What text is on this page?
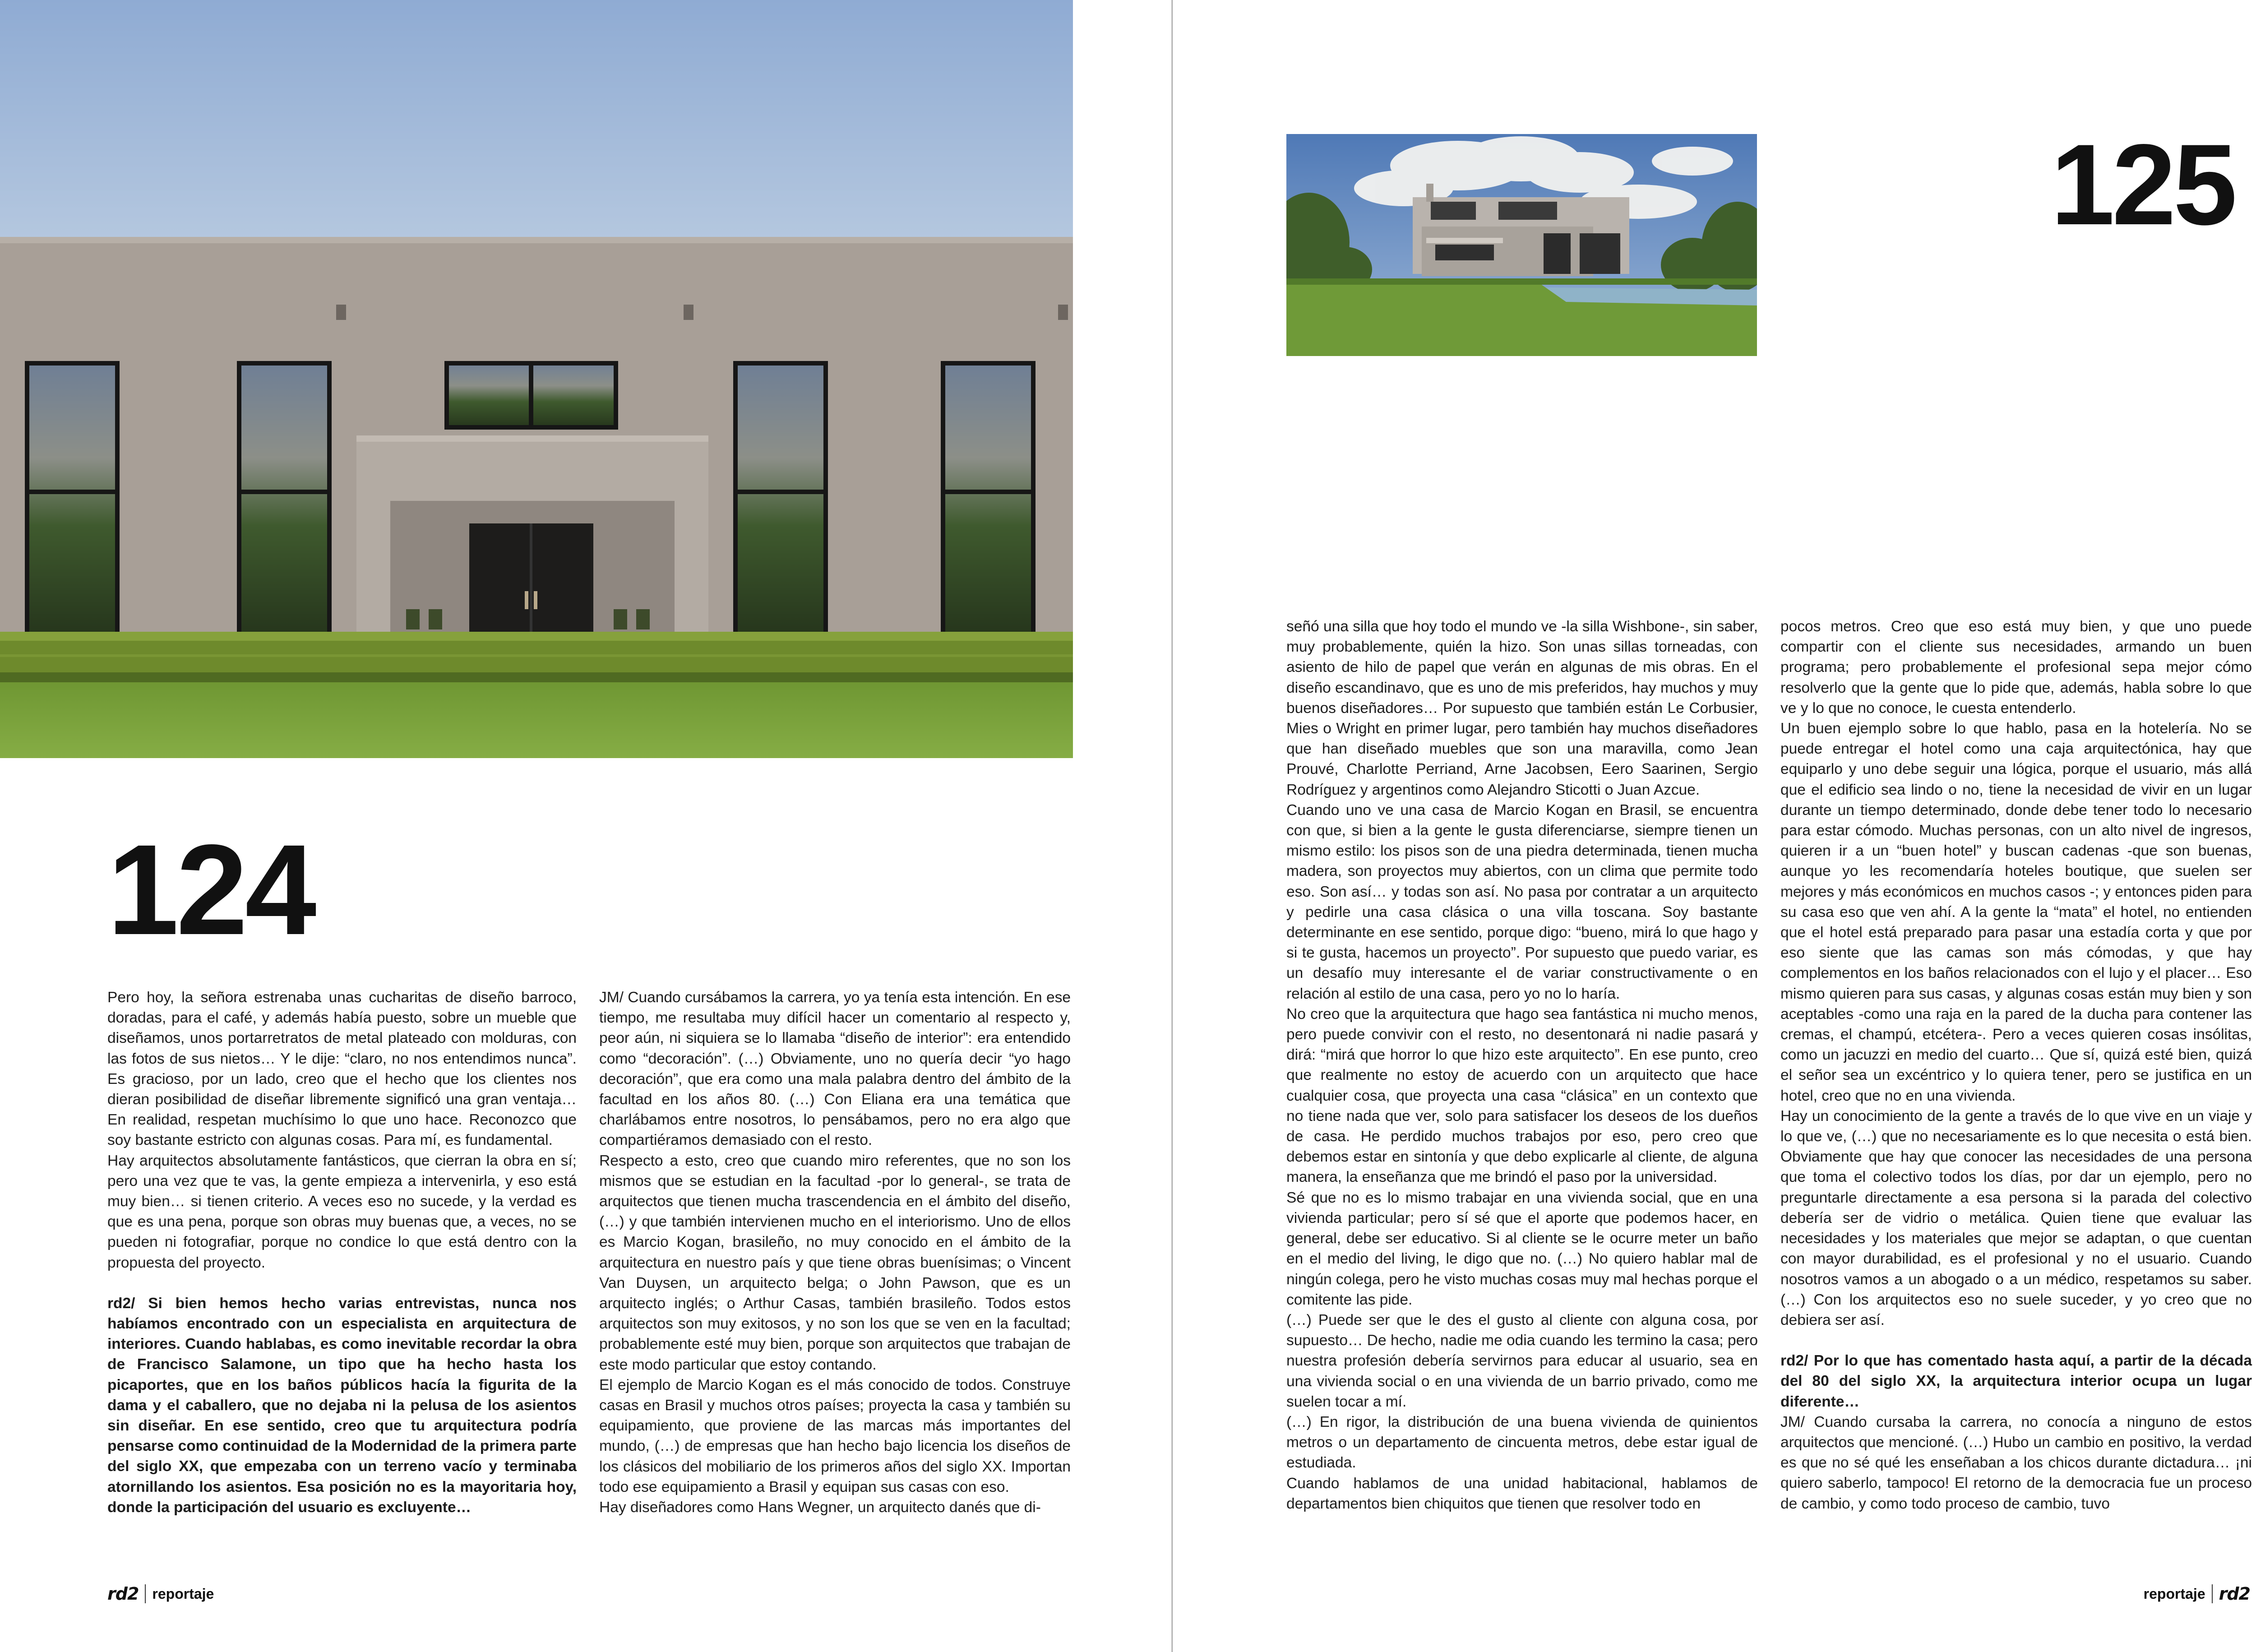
124

Pero hoy, la señora estrenaba unas cucharitas de diseño barroco, doradas, para el café, y además había puesto, sobre un mueble que diseñamos, unos portarretratos de metal plateado con molduras, con las fotos de sus nietos… Y le dije: “claro, no nos entendimos nunca”. Es gracioso, por un lado, creo que el hecho que los clientes nos dieran posibilidad de diseñar libremente significó una gran ventaja… En realidad, respetan muchísimo lo que uno hace. Reconozco que soy bastante estricto con algunas cosas. Para mí, es fundamental.

Hay arquitectos absolutamente fantásticos, que cierran la obra en sí; pero una vez que te vas, la gente empieza a intervenirla, y eso está muy bien… si tienen criterio. A veces eso no sucede, y la verdad es que es una pena, porque son obras muy buenas que, a veces, no se pueden ni fotografiar, porque no condice lo que está dentro con la propuesta del proyecto.

rd2/ Si bien hemos hecho varias entrevistas, nunca nos habíamos encontrado con un especialista en arquitectura de interiores. Cuando hablabas, es como inevitable recordar la obra de Francisco Salamone, un tipo que ha hecho hasta los picaportes, que en los baños públicos hacía la figurita de la dama y el caballero, que no dejaba ni la pelusa de los asientos sin diseñar. En ese sentido, creo que tu arquitectura podría pensarse como continuidad de la Modernidad de la primera parte del siglo XX, que empezaba con un terreno vacío y terminaba atornillando los asientos. Esa posición no es la mayoritaria hoy, donde la participación del usuario es excluyente…

JM/ Cuando cursábamos la carrera, yo ya tenía esta intención. En ese tiempo, me resultaba muy difícil hacer un comentario al respecto y, peor aún, ni siquiera se lo llamaba “diseño de interior”: era entendido como “decoración”. (…) Obviamente, uno no quería decir “yo hago decoración”, que era como una mala palabra dentro del ámbito de la facultad en los años 80. (…) Con Eliana era una temática que charlábamos entre nosotros, lo pensábamos, pero no era algo que compartiéramos demasiado con el resto.

Respecto a esto, creo que cuando miro referentes, que no son los mismos que se estudian en la facultad -por lo general-, se trata de arquitectos que tienen mucha trascendencia en el ámbito del diseño, (…) y que también intervienen mucho en el interiorismo. Uno de ellos es Marcio Kogan, brasileño, no muy conocido en el ámbito de la arquitectura en nuestro país y que tiene obras buenísimas; o Vincent Van Duysen, un arquitecto belga; o John Pawson, que es un arquitecto inglés; o Arthur Casas, también brasileño. Todos estos arquitectos son muy exitosos, y no son los que se ven en la facultad; probablemente esté muy bien, porque son arquitectos que trabajan de este modo particular que estoy contando.

El ejemplo de Marcio Kogan es el más conocido de todos. Construye casas en Brasil y muchos otros países; proyecta la casa y también su equipamiento, que proviene de las marcas más importantes del mundo, (…) de empresas que han hecho bajo licencia los diseños de los clásicos del mobiliario de los primeros años del siglo XX. Importan todo ese equipamiento a Brasil y equipan sus casas con eso.

Hay diseñadores como Hans Wegner, un arquitecto danés que di-

rd2 reportaje
125

señó una silla que hoy todo el mundo ve -la silla Wishbone-, sin saber, muy probablemente, quién la hizo. Son unas sillas torneadas, con asiento de hilo de papel que verán en algunas de mis obras. En el diseño escandinavo, que es uno de mis preferidos, hay muchos y muy buenos diseñadores… Por supuesto que también están Le Corbusier, Mies o Wright en primer lugar, pero también hay muchos diseñadores que han diseñado muebles que son una maravilla, como Jean Prouvé, Charlotte Perriand, Arne Jacobsen, Eero Saarinen, Sergio Rodríguez y argentinos como Alejandro Sticotti o Juan Azcue.

Cuando uno ve una casa de Marcio Kogan en Brasil, se encuentra con que, si bien a la gente le gusta diferenciarse, siempre tienen un mismo estilo: los pisos son de una piedra determinada, tienen mucha madera, son proyectos muy abiertos, con un clima que permite todo eso. Son así… y todas son así. No pasa por contratar a un arquitecto y pedirle una casa clásica o una villa toscana. Soy bastante determinante en ese sentido, porque digo: “bueno, mirá lo que hago y si te gusta, hacemos un proyecto”. Por supuesto que puedo variar, es un desafío muy interesante el de variar constructivamente o en relación al estilo de una casa, pero yo no lo haría.

No creo que la arquitectura que hago sea fantástica ni mucho menos, pero puede convivir con el resto, no desentonará ni nadie pasará y dirá: “mirá que horror lo que hizo este arquitecto”. En ese punto, creo que realmente no estoy de acuerdo con un arquitecto que hace cualquier cosa, que proyecta una casa “clásica” en un contexto que no tiene nada que ver, solo para satisfacer los deseos de los dueños de casa. He perdido muchos trabajos por eso, pero creo que debemos estar en sintonía y que debo explicarle al cliente, de alguna manera, la enseñanza que me brindó el paso por la universidad.

Sé que no es lo mismo trabajar en una vivienda social, que en una vivienda particular; pero sí sé que el aporte que podemos hacer, en general, debe ser educativo. Si al cliente se le ocurre meter un baño en el medio del living, le digo que no. (…) No quiero hablar mal de ningún colega, pero he visto muchas cosas muy mal hechas porque el comitente las pide.

(…) Puede ser que le des el gusto al cliente con alguna cosa, por supuesto… De hecho, nadie me odia cuando les termino la casa; pero nuestra profesión debería servirnos para educar al usuario, sea en una vivienda social o en una vivienda de un barrio privado, como me suelen tocar a mí.

(…) En rigor, la distribución de una buena vivienda de quinientos metros o un departamento de cincuenta metros, debe estar igual de estudiada.

Cuando hablamos de una unidad habitacional, hablamos de departamentos bien chiquitos que tienen que resolver todo en

pocos metros. Creo que eso está muy bien, y que uno puede compartir con el cliente sus necesidades, armando un buen programa; pero probablemente el profesional sepa mejor cómo resolverlo que la gente que lo pide que, además, habla sobre lo que ve y lo que no conoce, le cuesta entenderlo.

Un buen ejemplo sobre lo que hablo, pasa en la hotelería. No se puede entregar el hotel como una caja arquitectónica, hay que equiparlo y uno debe seguir una lógica, porque el usuario, más allá que el edificio sea lindo o no, tiene la necesidad de vivir en un lugar durante un tiempo determinado, donde debe tener todo lo necesario para estar cómodo. Muchas personas, con un alto nivel de ingresos, quieren ir a un “buen hotel” y buscan cadenas -que son buenas, aunque yo les recomendaría hoteles boutique, que suelen ser mejores y más económicos en muchos casos -; y entonces piden para su casa eso que ven ahí. A la gente la “mata” el hotel, no entienden que el hotel está preparado para pasar una estadía corta y que por eso siente que las camas son más cómodas, y que hay complementos en los baños relacionados con el lujo y el placer… Eso mismo quieren para sus casas, y algunas cosas están muy bien y son aceptables -como una raja en la pared de la ducha para contener las cremas, el champú, etcétera-. Pero a veces quieren cosas insólitas, como un jacuzzi en medio del cuarto… Que sí, quizá esté bien, quizá el señor sea un excéntrico y lo quiera tener, pero se justifica en un hotel, creo que no en una vivienda.

Hay un conocimiento de la gente a través de lo que vive en un viaje y lo que ve, (…) que no necesariamente es lo que necesita o está bien. Obviamente que hay que conocer las necesidades de una persona que toma el colectivo todos los días, por dar un ejemplo, pero no preguntarle directamente a esa persona si la parada del colectivo debería ser de vidrio o metálica. Quien tiene que evaluar las necesidades y los materiales que mejor se adaptan, o que cuentan con mayor durabilidad, es el profesional y no el usuario. Cuando nosotros vamos a un abogado o a un médico, respetamos su saber. (…) Con los arquitectos eso no suele suceder, y yo creo que no debiera ser así.

rd2/ Por lo que has comentado hasta aquí, a partir de la década del 80 del siglo XX, la arquitectura interior ocupa un lugar diferente…

JM/ Cuando cursaba la carrera, no conocía a ninguno de estos arquitectos que mencioné. (…) Hubo un cambio en positivo, la verdad es que no sé qué les enseñaban a los chicos durante dictadura… ¡ni quiero saberlo, tampoco! El retorno de la democracia fue un proceso de cambio, y como todo proceso de cambio, tuvo

reportaje rd2
